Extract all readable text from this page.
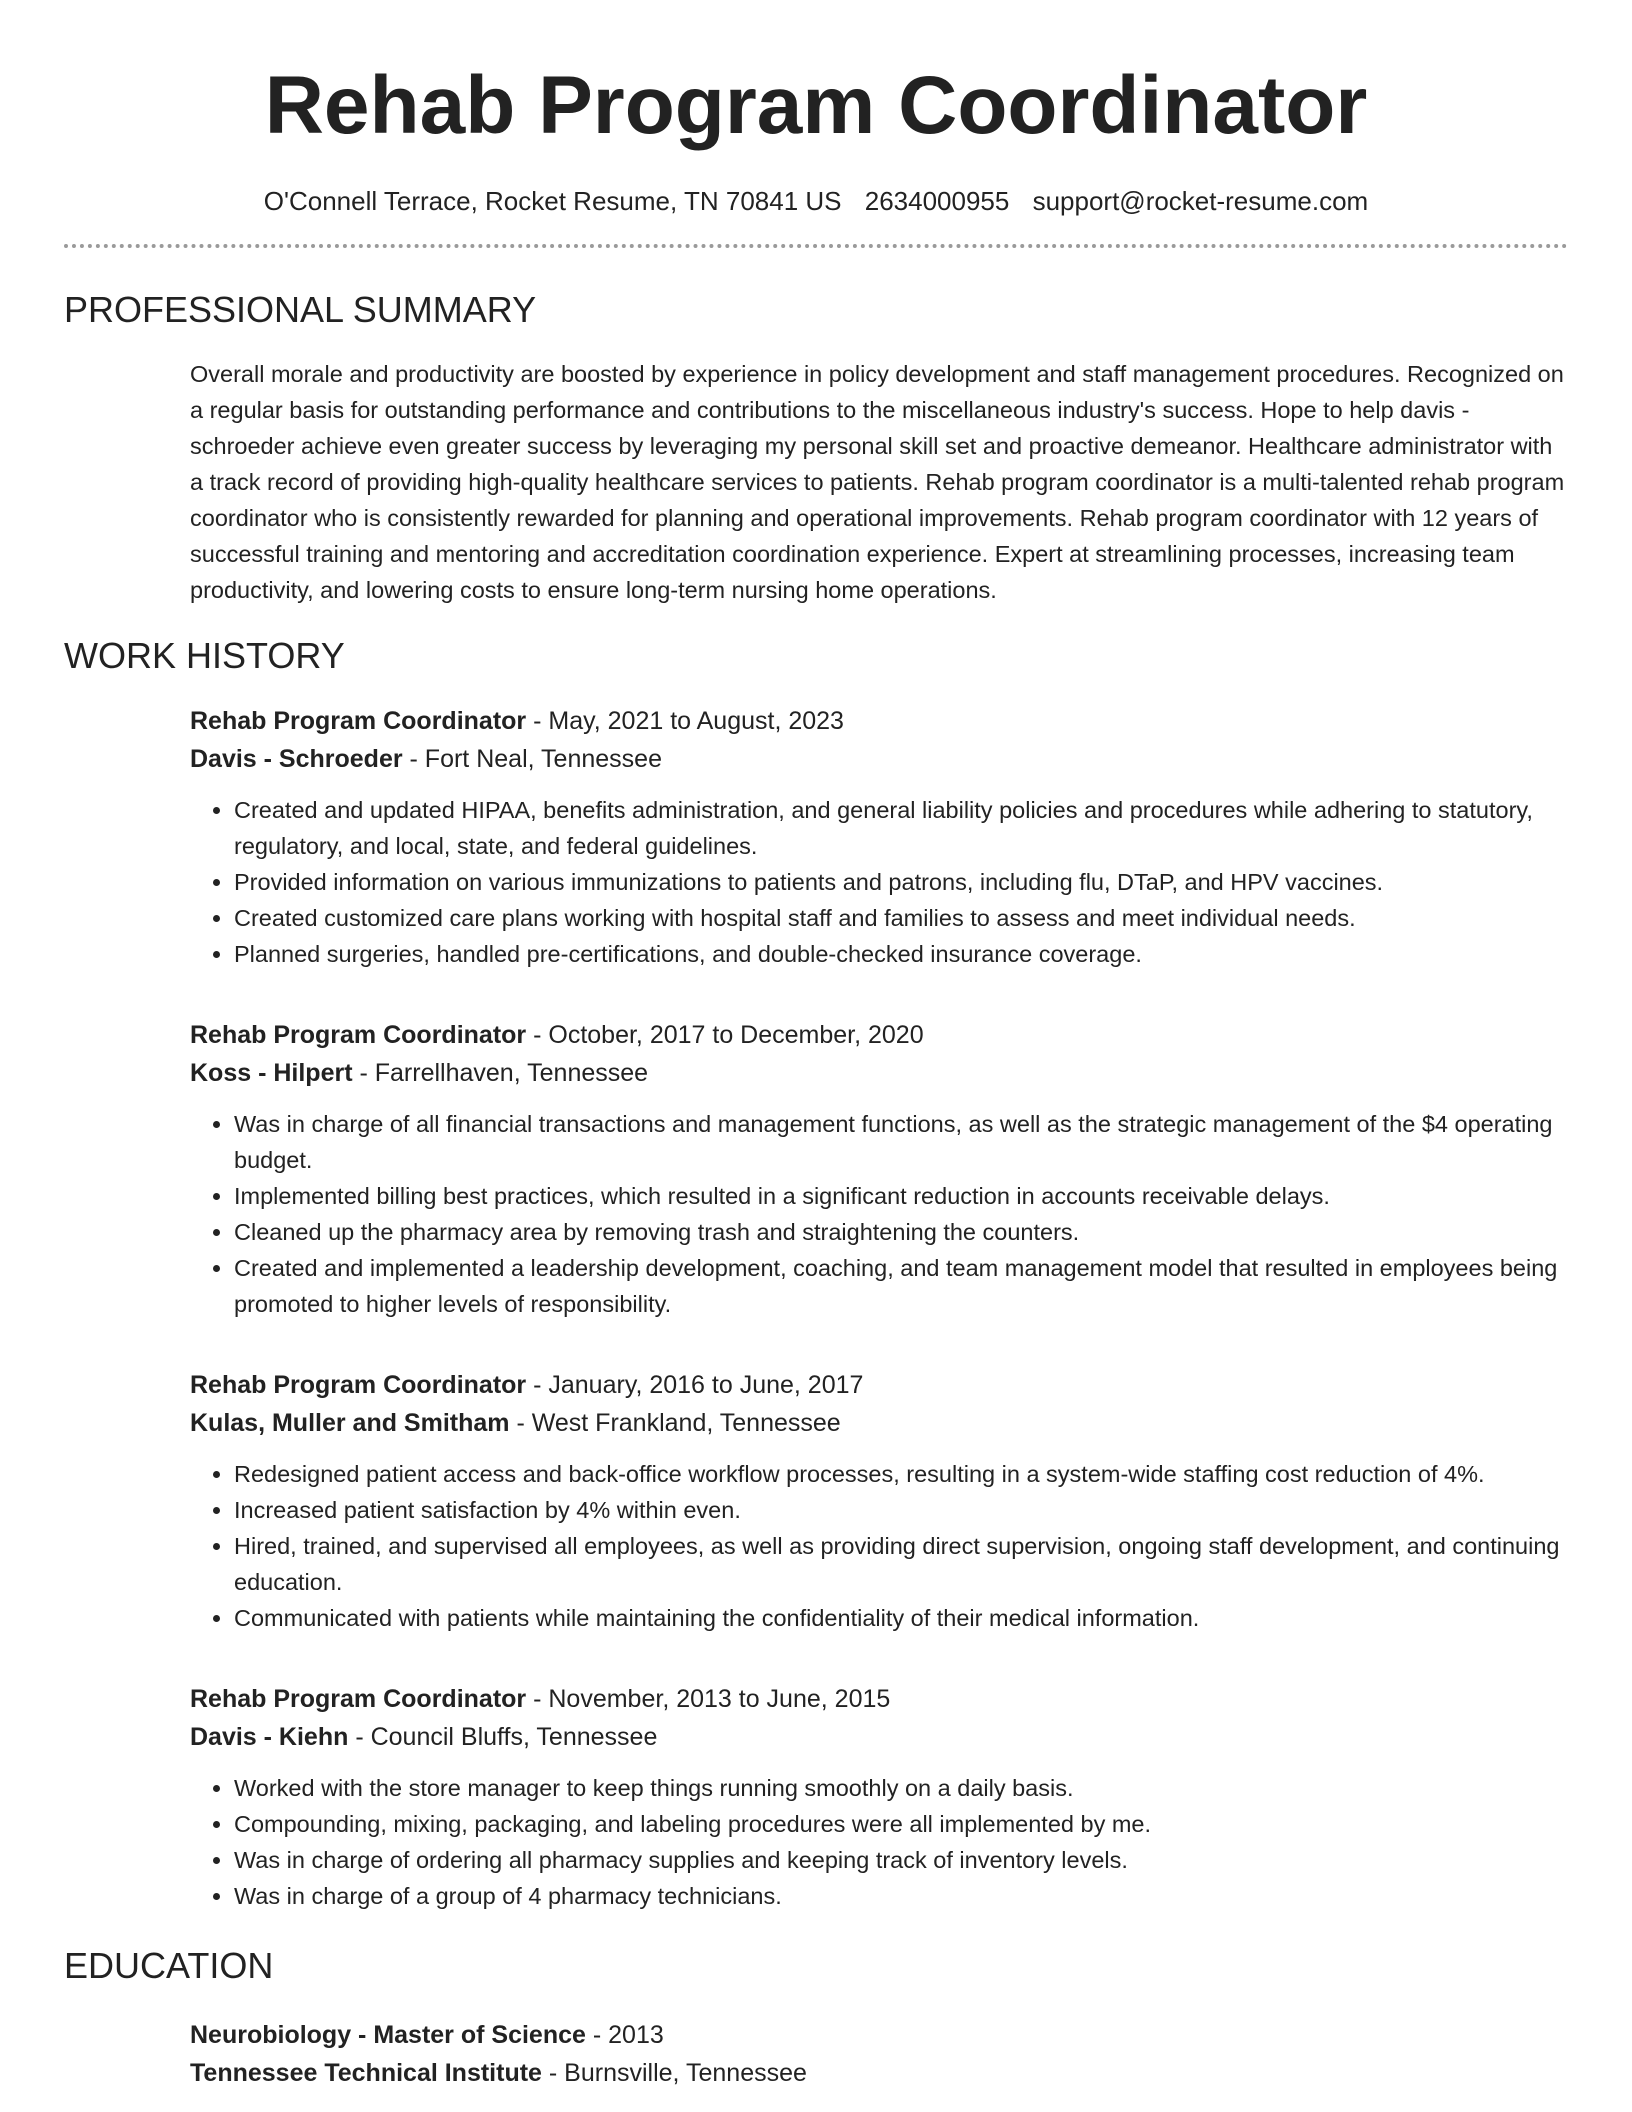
Rehab Program Coordinator
O'Connell Terrace, Rocket Resume, TN 70841 US 2634000955 support@rocket-resume.com
PROFESSIONAL SUMMARY
Overall morale and productivity are boosted by experience in policy development and staff management procedures. Recognized on a regular basis for outstanding performance and contributions to the miscellaneous industry's success. Hope to help davis - schroeder achieve even greater success by leveraging my personal skill set and proactive demeanor. Healthcare administrator with a track record of providing high-quality healthcare services to patients. Rehab program coordinator is a multi-talented rehab program coordinator who is consistently rewarded for planning and operational improvements. Rehab program coordinator with 12 years of successful training and mentoring and accreditation coordination experience. Expert at streamlining processes, increasing team productivity, and lowering costs to ensure long-term nursing home operations.
WORK HISTORY
Rehab Program Coordinator - May, 2021 to August, 2023
Davis - Schroeder - Fort Neal, Tennessee
• Created and updated HIPAA, benefits administration, and general liability policies and procedures while adhering to statutory, regulatory, and local, state, and federal guidelines.
• Provided information on various immunizations to patients and patrons, including flu, DTaP, and HPV vaccines.
• Created customized care plans working with hospital staff and families to assess and meet individual needs.
• Planned surgeries, handled pre-certifications, and double-checked insurance coverage.
Rehab Program Coordinator - October, 2017 to December, 2020
Koss - Hilpert - Farrellhaven, Tennessee
• Was in charge of all financial transactions and management functions, as well as the strategic management of the $4 operating budget.
• Implemented billing best practices, which resulted in a significant reduction in accounts receivable delays.
• Cleaned up the pharmacy area by removing trash and straightening the counters.
• Created and implemented a leadership development, coaching, and team management model that resulted in employees being promoted to higher levels of responsibility.
Rehab Program Coordinator - January, 2016 to June, 2017
Kulas, Muller and Smitham - West Frankland, Tennessee
• Redesigned patient access and back-office workflow processes, resulting in a system-wide staffing cost reduction of 4%.
• Increased patient satisfaction by 4% within even.
• Hired, trained, and supervised all employees, as well as providing direct supervision, ongoing staff development, and continuing education.
• Communicated with patients while maintaining the confidentiality of their medical information.
Rehab Program Coordinator - November, 2013 to June, 2015
Davis - Kiehn - Council Bluffs, Tennessee
• Worked with the store manager to keep things running smoothly on a daily basis.
• Compounding, mixing, packaging, and labeling procedures were all implemented by me.
• Was in charge of ordering all pharmacy supplies and keeping track of inventory levels.
• Was in charge of a group of 4 pharmacy technicians.
EDUCATION
Neurobiology - Master of Science - 2013
Tennessee Technical Institute - Burnsville, Tennessee
